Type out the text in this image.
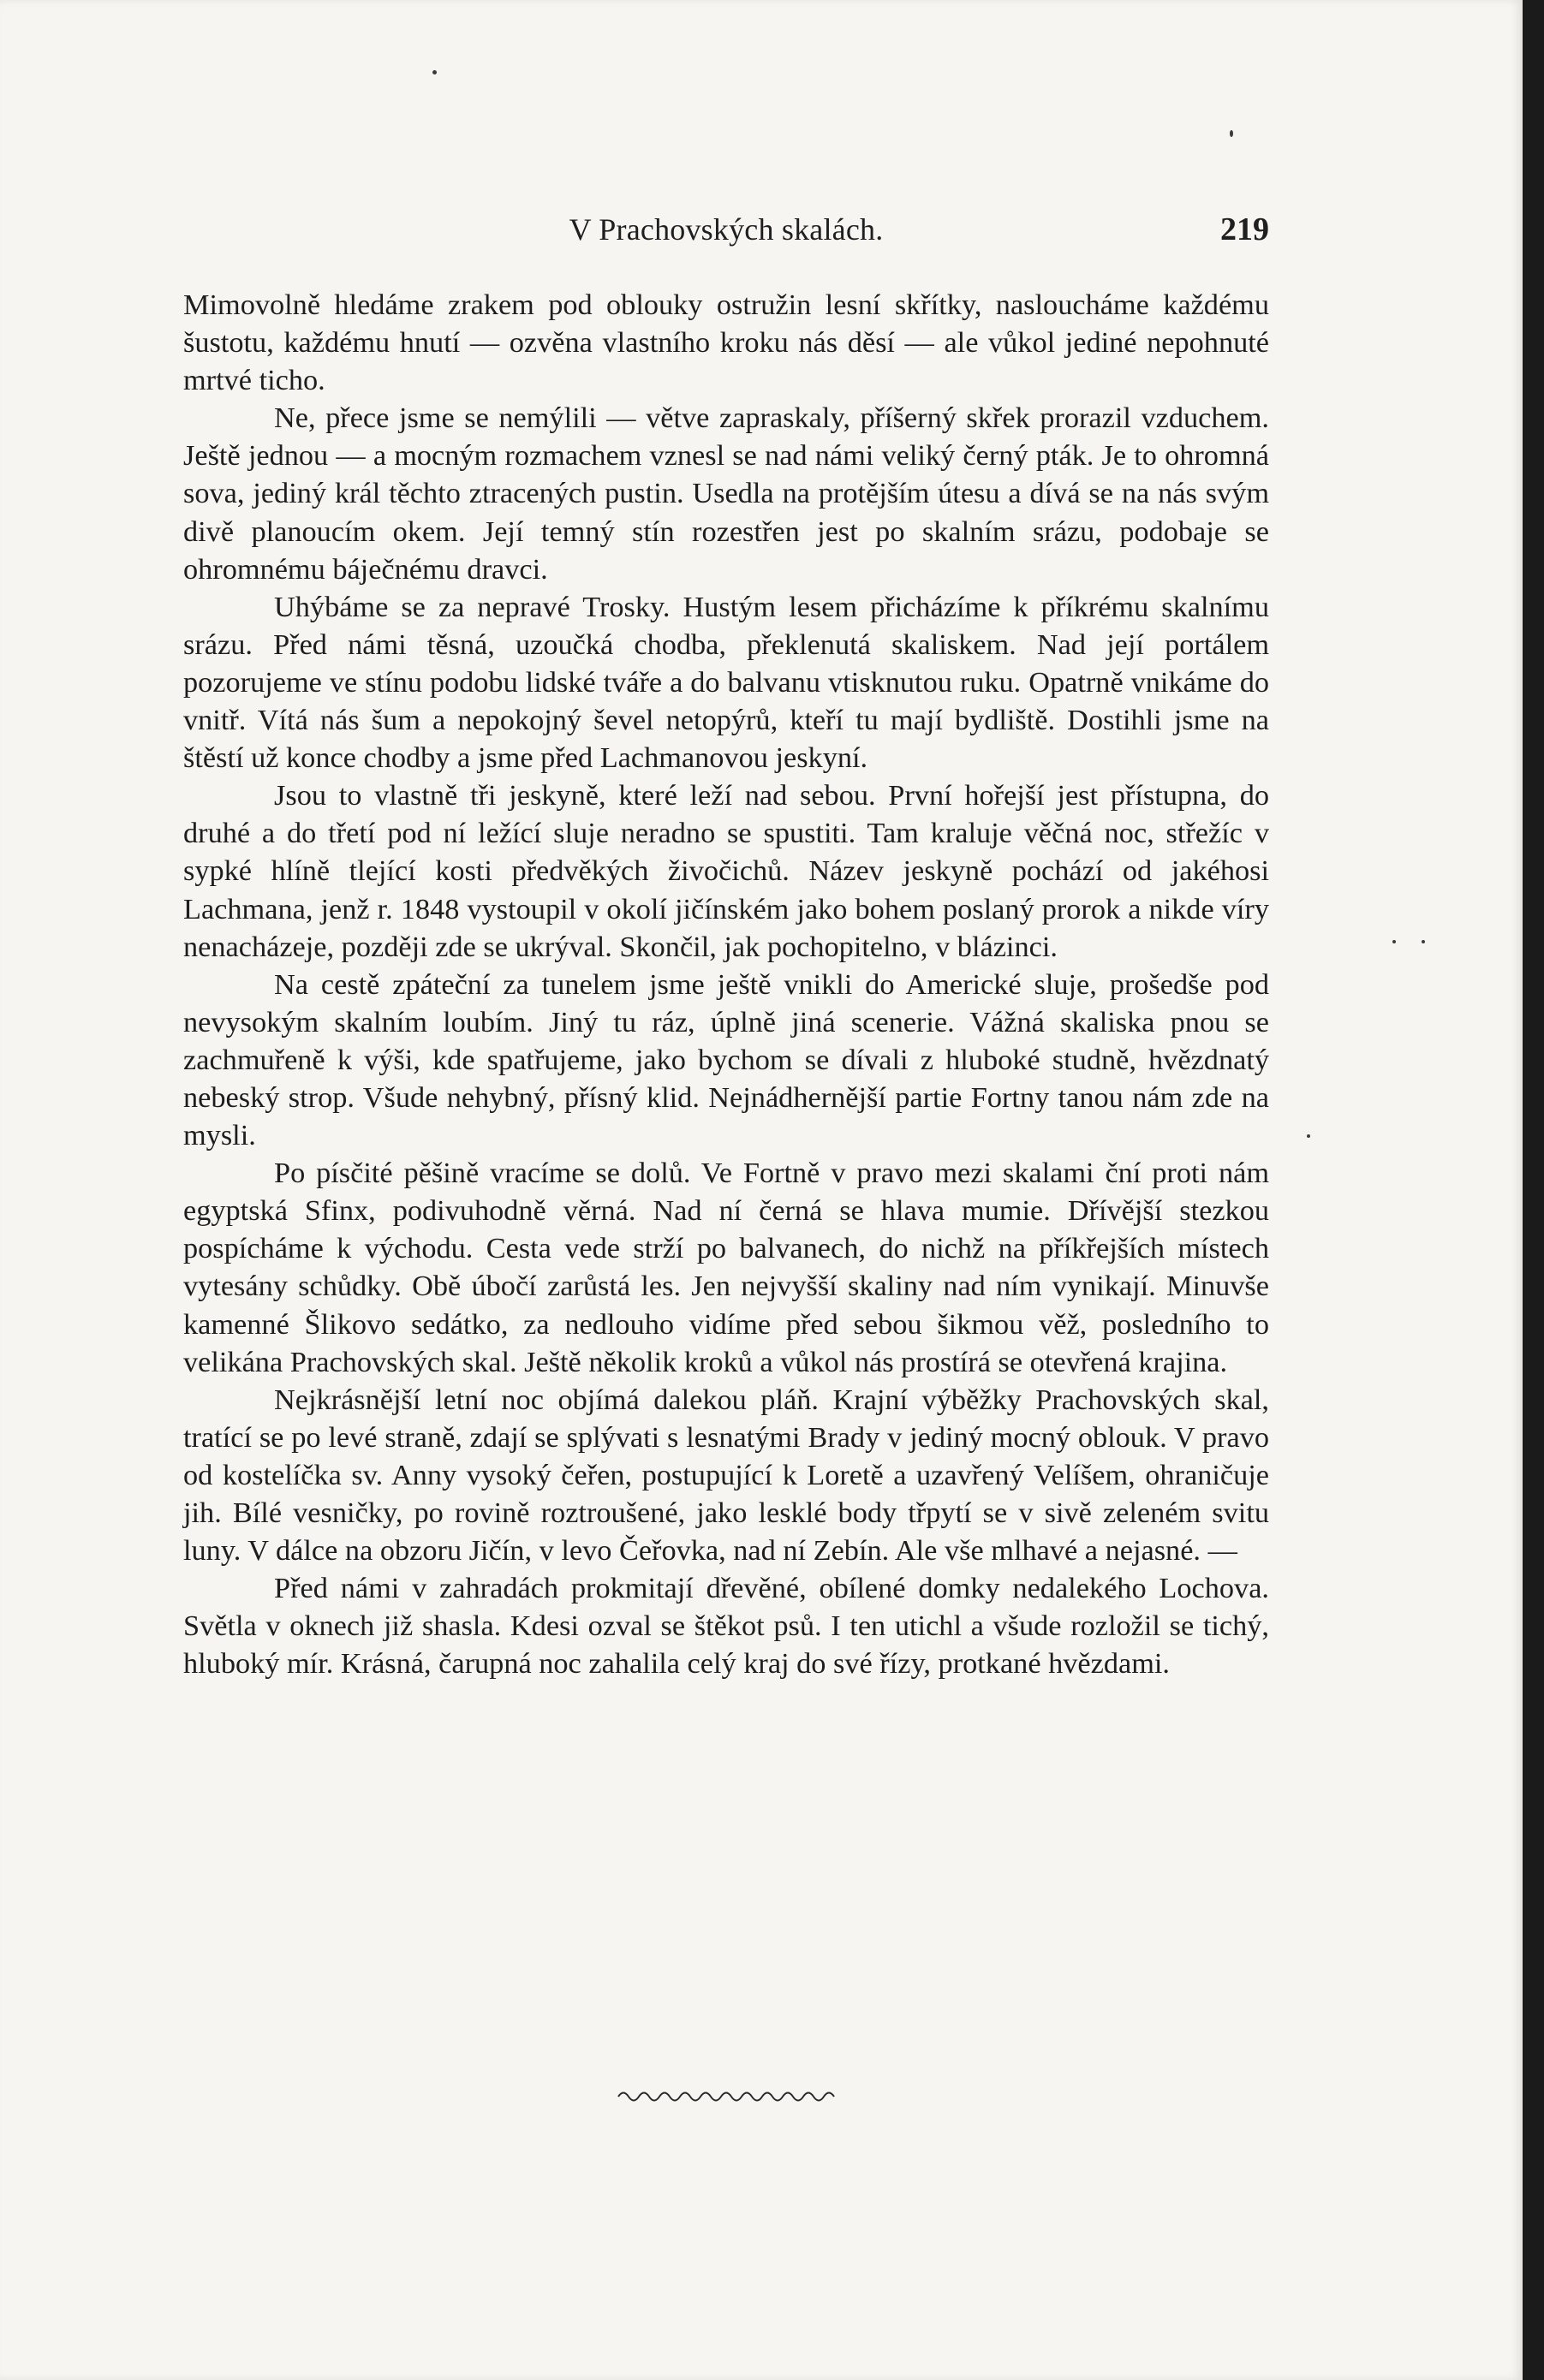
V Prachovských skalách.	219

Mimovolně hledáme zrakem pod oblouky ostružin lesní skřítky, nasloucháme každému šustotu, každému hnutí — ozvěna vlastního kroku nás děsí — ale vůkol jediné nepohnuté mrtvé ticho.

Ne, přece jsme se nemýlili — větve zapraskaly, příšerný skřek prorazil vzduchem. Ještě jednou — a mocným rozmachem vznesl se nad námi veliký černý pták. Je to ohromná sova, jediný král těchto ztracených pustin. Usedla na protějším útesu a dívá se na nás svým divě planoucím okem. Její temný stín rozestřen jest po skalním srázu, podobaje se ohromnému báječnému dravci.

Uhýbáme se za nepravé Trosky. Hustým lesem přicházíme k příkrému skalnímu srázu. Před námi těsná, uzoučká chodba, překlenutá skaliskem. Nad její portálem pozorujeme ve stínu podobu lidské tváře a do balvanu vtisknutou ruku. Opatrně vnikáme do vnitř. Vítá nás šum a nepokojný ševel netopýrů, kteří tu mají bydliště. Dostihli jsme na štěstí už konce chodby a jsme před Lachmanovou jeskyní.

Jsou to vlastně tři jeskyně, které leží nad sebou. První hořejší jest přístupna, do druhé a do třetí pod ní ležící sluje neradno se spustiti. Tam kraluje věčná noc, střežíc v sypké hlíně tlející kosti předvěkých živočichů. Název jeskyně pochází od jakéhosi Lachmana, jenž r. 1848 vystoupil v okolí jičínském jako bohem poslaný prorok a nikde víry nenacházeje, později zde se ukrýval. Skončil, jak pochopitelno, v blázinci.

Na cestě zpáteční za tunelem jsme ještě vnikli do Americké sluje, prošedše pod nevysokým skalním loubím. Jiný tu ráz, úplně jiná scenerie. Vážná skaliska pnou se zachmuřeně k výši, kde spatřujeme, jako bychom se dívali z hluboké studně, hvězdnatý nebeský strop. Všude nehybný, přísný klid. Nejnádhernější partie Fortny tanou nám zde na mysli.

Po písčité pěšině vracíme se dolů. Ve Fortně v pravo mezi skalami ční proti nám egyptská Sfinx, podivuhodně věrná. Nad ní černá se hlava mumie. Dřívější stezkou pospícháme k východu. Cesta vede strží po balvanech, do nichž na příkřejších místech vytesány schůdky. Obě úbočí zarůstá les. Jen nejvyšší skaliny nad ním vynikají. Minuvše kamenné Šlikovo sedátko, za nedlouho vidíme před sebou šikmou věž, posledního to velikána Prachovských skal. Ještě několik kroků a vůkol nás prostírá se otevřená krajina.

Nejkrásnější letní noc objímá dalekou pláň. Krajní výběžky Prachovských skal, tratící se po levé straně, zdají se splývati s lesnatými Brady v jediný mocný oblouk. V pravo od kostelíčka sv. Anny vysoký čeřen, postupující k Loretě a uzavřený Velíšem, ohraničuje jih. Bílé vesničky, po rovině roztroušené, jako lesklé body třpytí se v sivě zeleném svitu luny. V dálce na obzoru Jičín, v levo Čeřovka, nad ní Zebín. Ale vše mlhavé a nejasné. —

Před námi v zahradách prokmitají dřevěné, obílené domky nedalekého Lochova. Světla v oknech již shasla. Kdesi ozval se štěkot psů. I ten utichl a všude rozložil se tichý, hluboký mír. Krásná, čarupná noc zahalila celý kraj do své řízy, protkané hvězdami.
